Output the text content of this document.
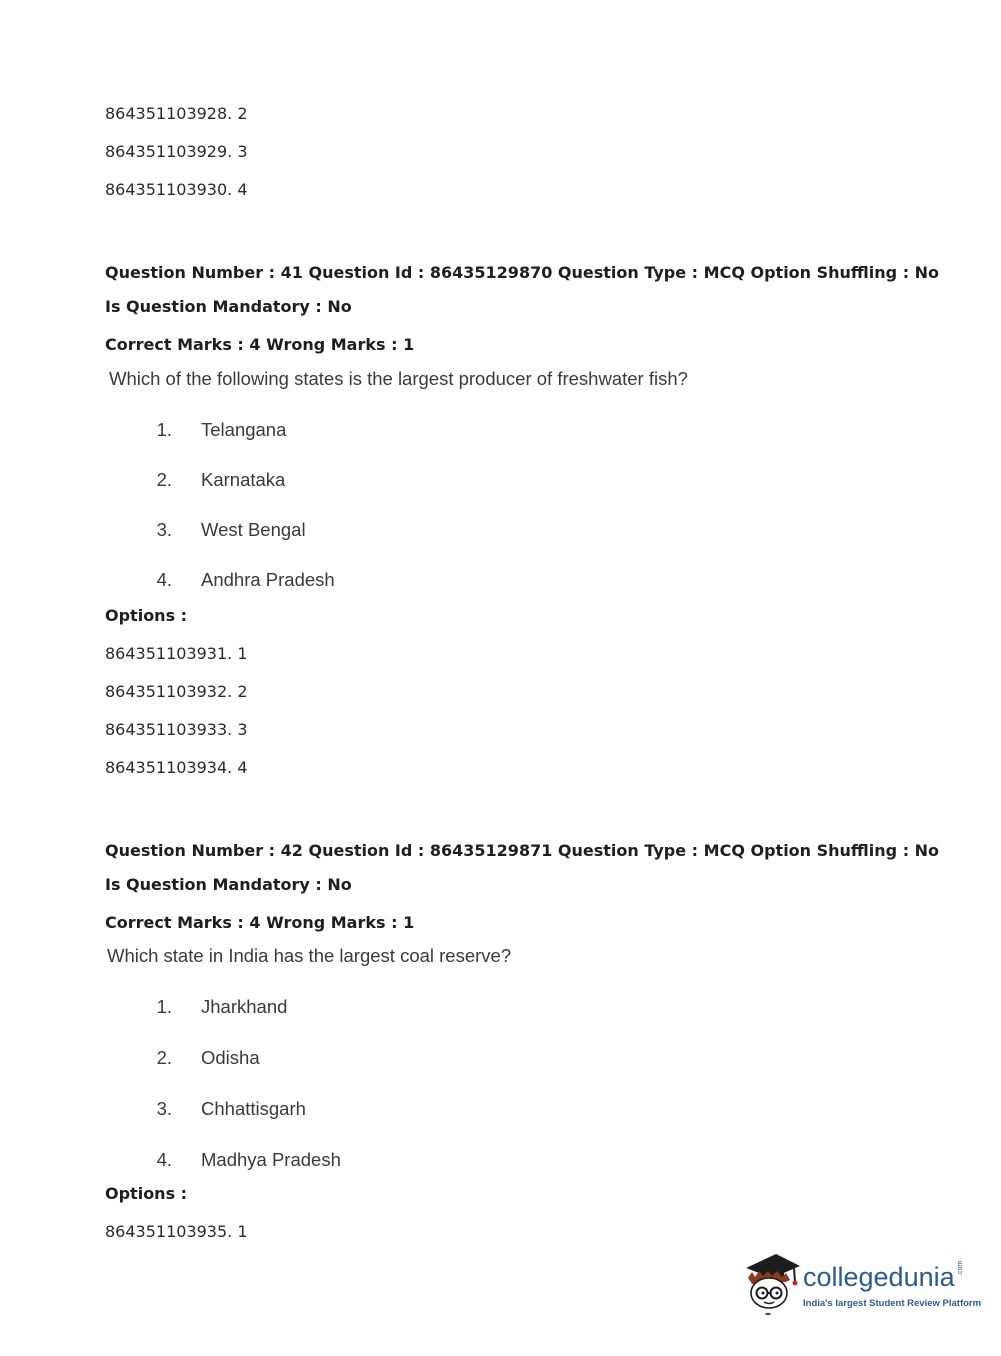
864351103928. 2
864351103929. 3
864351103930. 4
Question Number : 41 Question Id : 86435129870 Question Type : MCQ Option Shuffling : No
Is Question Mandatory : No
Correct Marks : 4 Wrong Marks : 1
Which of the following states is the largest producer of freshwater fish?
1. Telangana
2. Karnataka
3. West Bengal
4. Andhra Pradesh
Options :
864351103931. 1
864351103932. 2
864351103933. 3
864351103934. 4
Question Number : 42 Question Id : 86435129871 Question Type : MCQ Option Shuffling : No
Is Question Mandatory : No
Correct Marks : 4 Wrong Marks : 1
Which state in India has the largest coal reserve?
1. Jharkhand
2. Odisha
3. Chhattisgarh
4. Madhya Pradesh
Options :
864351103935. 1
collegedunia .com
India's largest Student Review Platform
